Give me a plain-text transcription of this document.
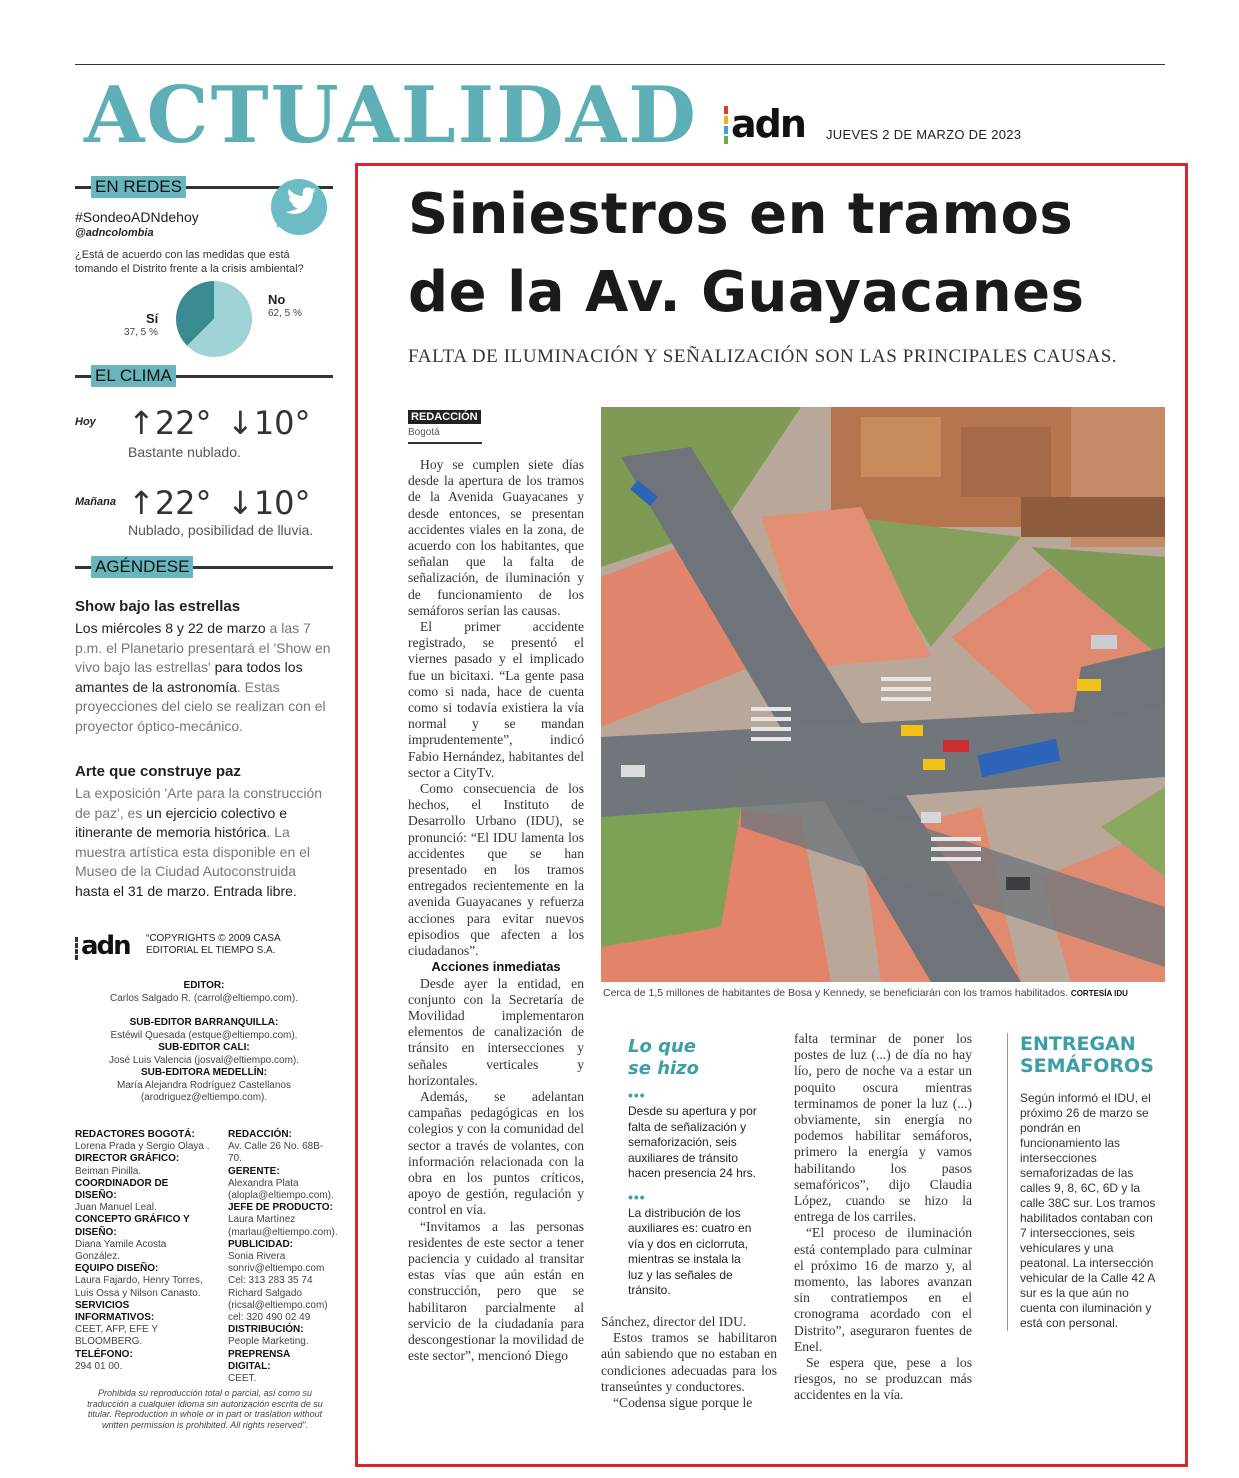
ACTUALIDAD adn JUEVES 2 DE MARZO DE 2023
EN REDES
#SondeoADNdehoy
@adncolombia
¿Está de acuerdo con las medidas que está tomando el Distrito frente a la crisis ambiental?
Sí
37, 5 %
No
62, 5 %
EL CLIMA
Hoy ↑22° ↓10°
Bastante nublado.
Mañana ↑22° ↓10°
Nublado, posibilidad de lluvia.
AGÉNDESE
Show bajo las estrellas
Los miércoles 8 y 22 de marzo a las 7 p.m. el Planetario presentará el 'Show en vivo bajo las estrellas' para todos los amantes de la astronomía. Estas proyecciones del cielo se realizan con el proyector óptico-mecánico.
Arte que construye paz
La exposición 'Arte para la construcción de paz', es un ejercicio colectivo e itinerante de memoria histórica. La muestra artística esta disponible en el Museo de la Ciudad Autoconstruida hasta el 31 de marzo. Entrada libre.
adn “COPYRIGHTS © 2009 CASA EDITORIAL EL TIEMPO S.A.
EDITOR:
Carlos Salgado R. (carrol@eltiempo.com).
SUB-EDITOR BARRANQUILLA:
Estéwil Quesada (estque@eltiempo.com).
SUB-EDITOR CALI:
José Luis Valencia (josval@eltiempo.com).
SUB-EDITORA MEDELLÍN:
María Alejandra Rodríguez Castellanos (arodriguez@eltiempo.com).
REDACTORES BOGOTÁ:
Lorena Prada y Sergio Olaya .
DIRECTOR GRÁFICO:
Beiman Pinilla.
COORDINADOR DE DISEÑO:
Juan Manuel Leal.
CONCEPTO GRÁFICO Y DISEÑO:
Diana Yamile Acosta González.
EQUIPO DISEÑO:
Laura Fajardo, Henry Torres, Luis Ossa y Nilson Canasto.
SERVICIOS INFORMATIVOS:
CEET, AFP, EFE Y BLOOMBERG.
TELÉFONO:
294 01 00.
REDACCIÓN:
Av. Calle 26 No. 68B-70.
GERENTE:
Alexandra Plata (alopla@eltiempo.com).
JEFE DE PRODUCTO:
Laura Martínez (marlau@eltiempo.com).
PUBLICIDAD:
Sonia Rivera sonriv@eltiempo.com Cel: 313 283 35 74 Richard Salgado (ricsal@eltiempo.com) cel: 320 490 02 49
DISTRIBUCIÓN:
People Marketing.
PREPRENSA DIGITAL:
CEET.
Prohibida su reproducción total o parcial, así como su traducción a cualquier idioma sin autorización escrita de su titular. Reproduction in whole or in part or traslation without written permission is prohibited. All rights reserved".
Siniestros en tramos
de la Av. Guayacanes
FALTA DE ILUMINACIÓN Y SEÑALIZACIÓN SON LAS PRINCIPALES CAUSAS.
REDACCIÓN
Bogotá

Hoy se cumplen siete días desde la apertura de los tramos de la Avenida Guayacanes y desde entonces, se presentan accidentes viales en la zona, de acuerdo con los habitantes, que señalan que la falta de señalización, de iluminación y de funcionamiento de los semáforos serían las causas.

El primer accidente registrado, se presentó el viernes pasado y el implicado fue un bicitaxi. “La gente pasa como si nada, hace de cuenta como si todavía existiera la vía normal y se mandan imprudentemente”, indicó Fabio Hernández, habitantes del sector a CityTv.

Como consecuencia de los hechos, el Instituto de Desarrollo Urbano (IDU), se pronunció: “El IDU lamenta los accidentes que se han presentado en los tramos entregados recientemente en la avenida Guayacanes y refuerza acciones para evitar nuevos episodios que afecten a los ciudadanos”.

Acciones inmediatas

Desde ayer la entidad, en conjunto con la Secretaría de Movilidad implementaron elementos de canalización de tránsito en intersecciones y señales verticales y horizontales.

Además, se adelantan campañas pedagógicas en los colegios y con la comunidad del sector a través de volantes, con información relacionada con la obra en los puntos críticos, apoyo de gestión, regulación y control en vía.

“Invitamos a las personas residentes de este sector a tener paciencia y cuidado al transitar estas vías que aún están en construcción, pero que se habilitaron parcialmente al servicio de la ciudadanía para descongestionar la movilidad de este sector”, mencionó Diego

Cerca de 1,5 millones de habitantes de Bosa y Kennedy, se beneficiarán con los tramos habilitados. CORTESÍA IDU
Lo que
se hizo
•••
Desde su apertura y por falta de señalización y semaforización, seis auxiliares de tránsito hacen presencia 24 hrs.
•••
La distribución de los auxiliares es: cuatro en vía y dos en ciclorruta, mientras se instala la luz y las señales de tránsito.

Sánchez, director del IDU.

Estos tramos se habilitaron aún sabiendo que no estaban en condiciones adecuadas para los transeúntes y conductores.

“Codensa sigue porque le

falta terminar de poner los postes de luz (...) de día no hay lío, pero de noche va a estar un poquito oscura mientras terminamos de poner la luz (...) obviamente, sin energía no podemos habilitar semáforos, primero la energía y vamos habilitando los pasos semafóricos”, dijo Claudia López, cuando se hizo la entrega de los carriles.

“El proceso de iluminación está contemplado para culminar el próximo 16 de marzo y, al momento, las labores avanzan sin contratiempos en el cronograma acordado con el Distrito”, aseguraron fuentes de Enel.

Se espera que, pese a los riesgos, no se produzcan más accidentes en la vía.

ENTREGAN
SEMÁFOROS
Según informó el IDU, el próximo 26 de marzo se pondrán en funcionamiento las intersecciones semaforizadas de las calles 9, 8, 6C, 6D y la calle 38C sur. Los tramos habilitados contaban con 7 intersecciones, seis vehiculares y una peatonal. La intersección vehicular de la Calle 42 A sur es la que aún no cuenta con iluminación y está con personal.
